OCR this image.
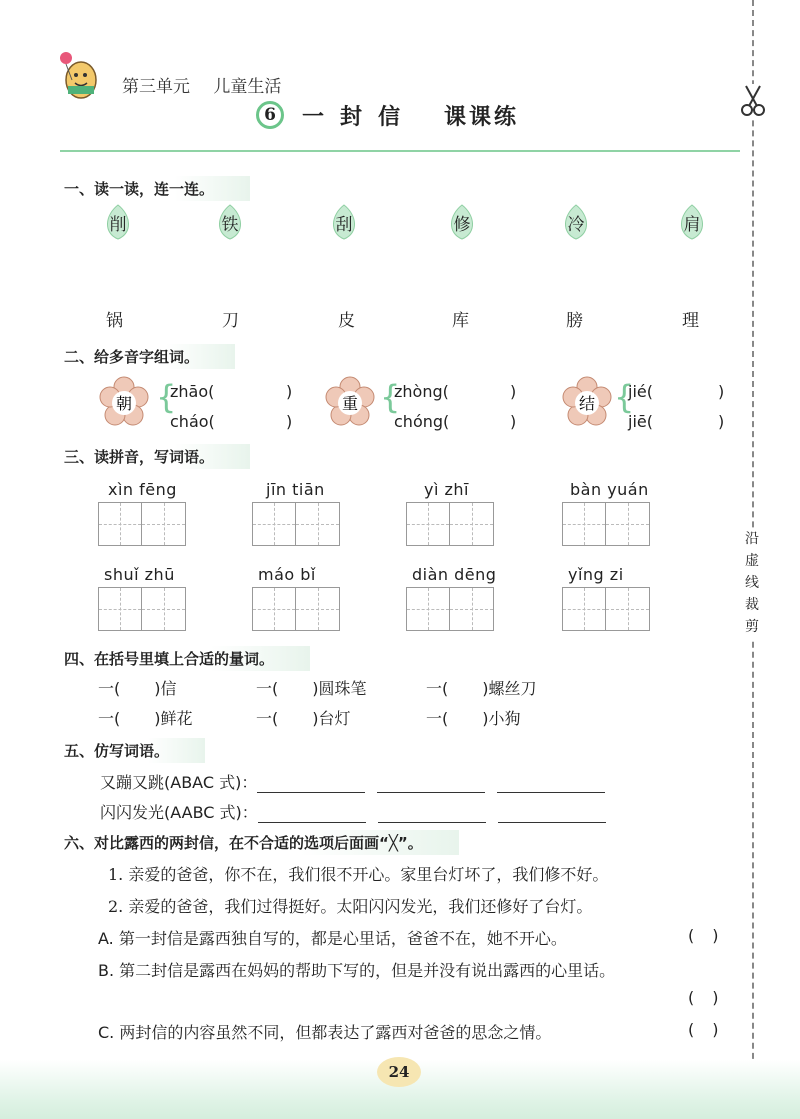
第三单元 儿童生活
6	一封信 课课练
沿
虚
线
裁
剪
一、读一读，连一连。
削	铁	刮	修	冷	肩
锅	刀	皮	库	膀	理
二、给多音字组词。
朝 {
zhāo(	)
cháo(	)
重 {
zhòng(	)
chóng(	)
结 {
jié(	)
jiē(	)
三、读拼音，写词语。
xìn fēng	jīn tiān	yì zhī	bàn yuán
shuǐ zhū	máo bǐ	diàn dēng	yǐng zi
四、在括号里填上合适的量词。
一( )信	一( )圆珠笔	一( )螺丝刀
一( )鲜花	一( )台灯	一( )小狗
五、仿写词语。
又蹦又跳(ABAC 式)：
闪闪发光(AABC 式)：
六、对比露西的两封信，在不合适的选项后面画“╳”。
1. 亲爱的爸爸，你不在，我们很不开心。家里台灯坏了，我们修不好。
2. 亲爱的爸爸，我们过得挺好。太阳闪闪发光，我们还修好了台灯。
A. 第一封信是露西独自写的，都是心里话，爸爸不在，她不开心。	()
B. 第二封信是露西在妈妈的帮助下写的，但是并没有说出露西的心里话。
()
C. 两封信的内容虽然不同，但都表达了露西对爸爸的思念之情。	()
24
